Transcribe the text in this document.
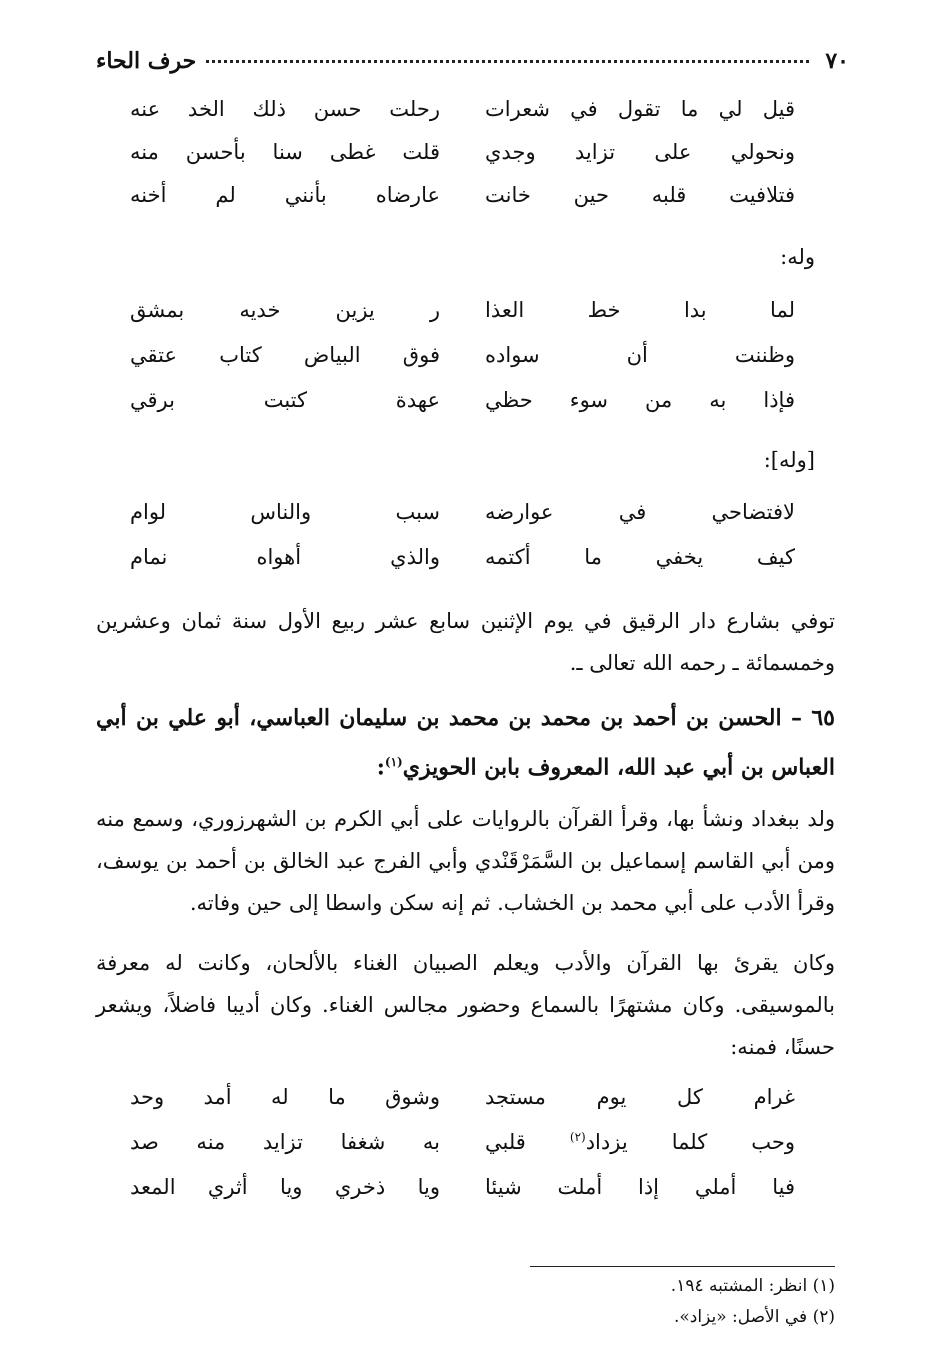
٧٠
حرف الحاء
قيل لي ما تقول في شعرات
رحلت حسن ذلك الخد عنه
ونحولي على تزايد وجدي
قلت غطى سنا بأحسن منه
فتلافيت قلبه حين خانت
عارضاه بأنني لم أخنه
وله:
لما بدا خط العذا
ر يزين خديه بمشق
وظننت أن سواده
فوق البياض كتاب عتقي
فإذا به من سوء حظي
عهدة كتبت برقي
[وله]:
لافتضاحي في عوارضه
سبب والناس لوام
كيف يخفي ما أكتمه
والذي أهواه نمام
توفي بشارع دار الرقيق في يوم الإثنين سابع عشر ربيع الأول سنة ثمان وعشرين وخمسمائة ـ رحمه الله تعالى ـ.
٦٥ – الحسن بن أحمد بن محمد بن محمد بن سليمان العباسي، أبو علي بن أبي العباس بن أبي عبد الله، المعروف بابن الحويزي$^{(١)}$:
ولد ببغداد ونشأ بها، وقرأ القرآن بالروايات على أبي الكرم بن الشهرزوري، وسمع منه ومن أبي القاسم إسماعيل بن السَّمَرْقَنْدي وأبي الفرج عبد الخالق بن أحمد بن يوسف، وقرأ الأدب على أبي محمد بن الخشاب. ثم إنه سكن واسطا إلى حين وفاته.
وكان يقرئ بها القرآن والأدب ويعلم الصبيان الغناء بالألحان، وكانت له معرفة بالموسيقى. وكان مشتهرًا بالسماع وحضور مجالس الغناء. وكان أديبا فاضلاً، ويشعر حسنًا، فمنه:
غرام كل يوم مستجد
وشوق ما له أمد وحد
وحب كلما يزداد$^{(٢)}$ قلبي
به شغفا تزايد منه صد
فيا أملي إذا أملت شيئا
ويا ذخري ويا أثري المعد
(١) انظر: المشتبه ١٩٤.
(٢) في الأصل: «يزاد».
